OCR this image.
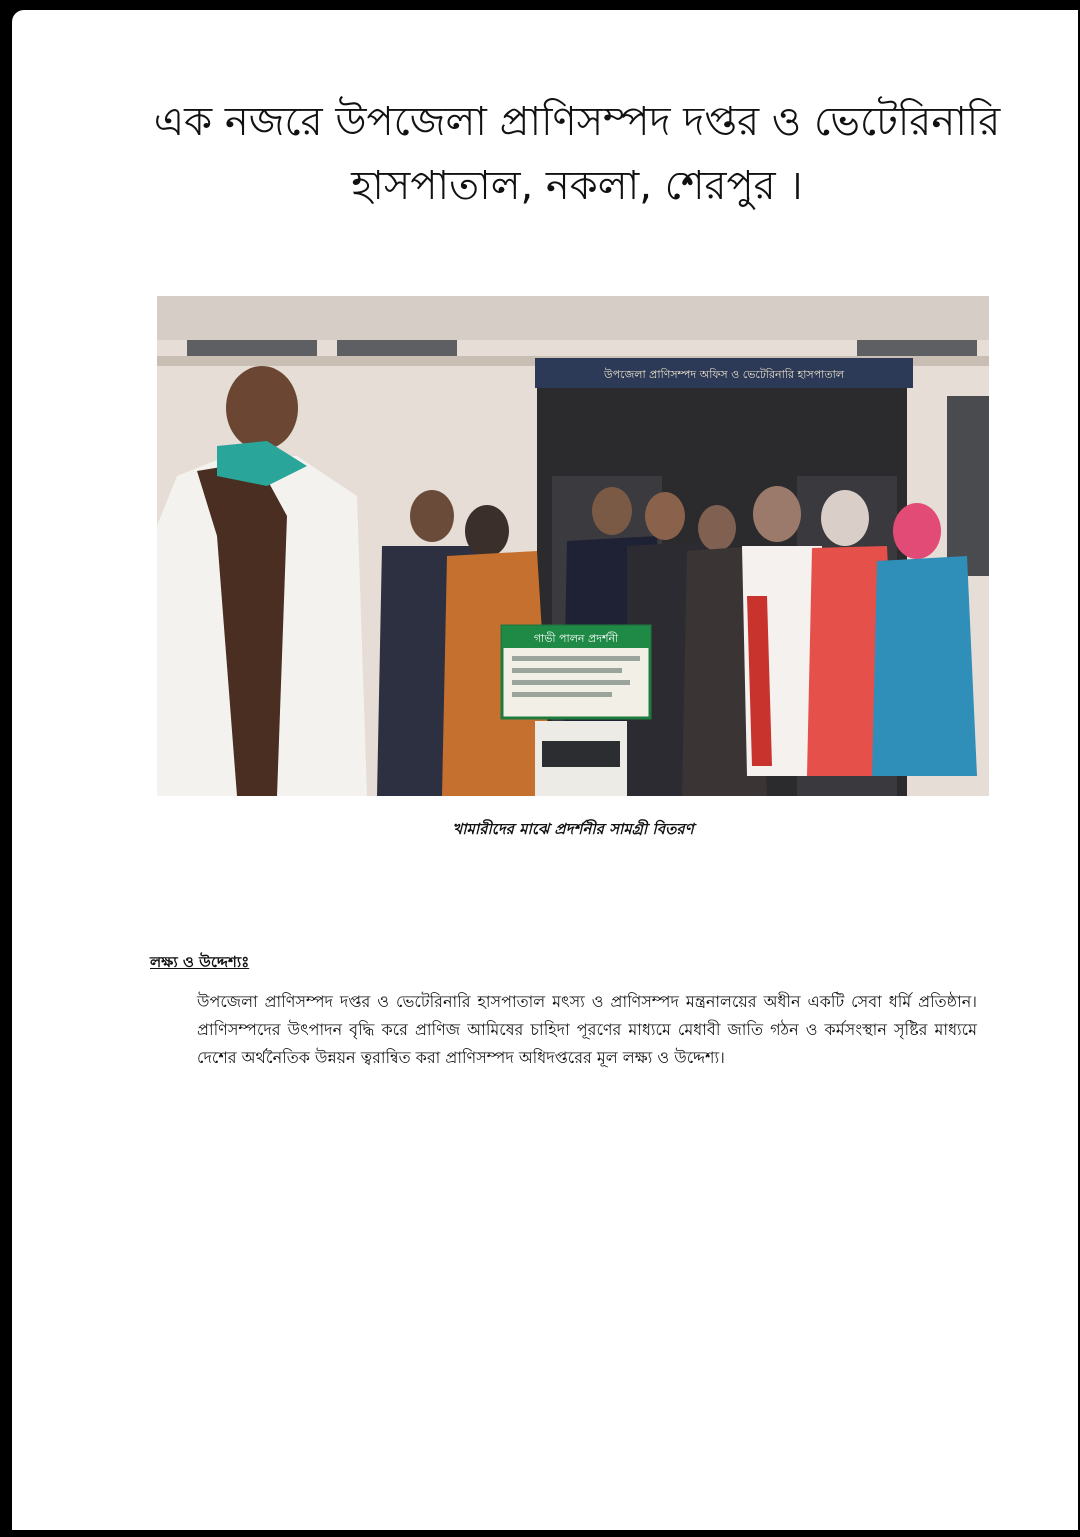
এক নজরে উপজেলা প্রাণিসম্পদ দপ্তর ও ভেটেরিনারি
হাসপাতাল, নকলা, শেরপুর ।
উপজেলা প্রাণিসম্পদ অফিস ও ভেটেরিনারি হাসপাতাল
গাভী পালন প্রদর্শনী
খামারীদের মাঝে প্রদর্শনীর সামগ্রী বিতরণ
লক্ষ্য ও উদ্দেশ্যঃ

উপজেলা প্রাণিসম্পদ দপ্তর ও ভেটেরিনারি হাসপাতাল মৎস্য ও প্রাণিসম্পদ মন্ত্রনালয়ের অধীন একটি সেবা ধর্মি প্রতিষ্ঠান। প্রাণিসম্পদের উৎপাদন বৃদ্ধি করে প্রাণিজ আমিষের চাহিদা পূরণের মাধ্যমে মেধাবী জাতি গঠন ও কর্মসংস্থান সৃষ্টির মাধ্যমে দেশের অর্থনৈতিক উন্নয়ন ত্বরান্বিত করা প্রাণিসম্পদ অধিদপ্তরের মূল লক্ষ্য ও উদ্দেশ্য।
